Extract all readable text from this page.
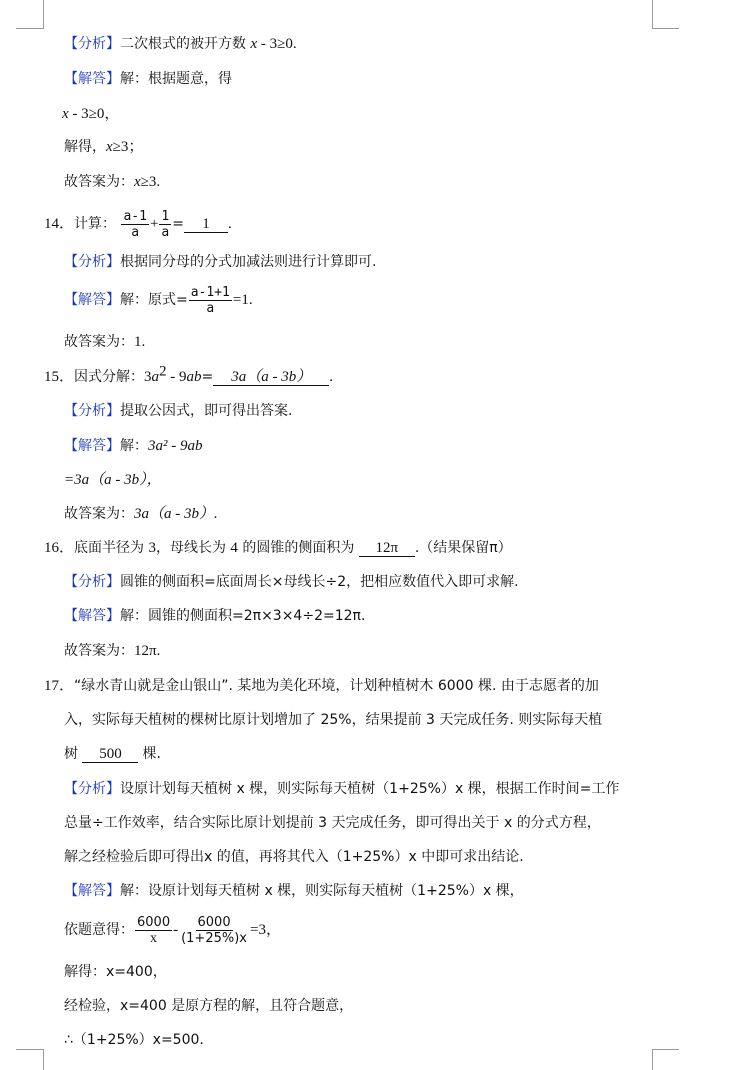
【分析】二次根式的被开方数 x - 3≥0.
【解答】解：根据题意，得
x - 3≥0，
解得，x≥3；
故答案为：x≥3.
14．计算： $\frac{a-1}{a} + \frac{1}{a} = 1$ .
【分析】根据同分母的分式加减法则进行计算即可.
【解答】解：原式= $\frac{a-1+1}{a} =1$.
故答案为：1.
15．因式分解：$3a^2 - 9ab= 3a(a - 3b)$ .
【分析】提取公因式，即可得出答案.
【解答】解：3a² - 9ab
=3a（a - 3b），
故答案为：3a（a - 3b）.
16．底面半径为 3，母线长为 4 的圆锥的侧面积为 12π .（结果保留π）
【分析】圆锥的侧面积=底面周长×母线长÷2，把相应数值代入即可求解.
【解答】解：圆锥的侧面积=2π×3×4÷2=12π.
故答案为：12π.
17．“绿水青山就是金山银山”. 某地为美化环境，计划种植树木 6000 棵. 由于志愿者的加
入，实际每天植树的棵树比原计划增加了 25%，结果提前 3 天完成任务. 则实际每天植
树 500 棵.
【分析】设原计划每天植树 x 棵，则实际每天植树（1+25%）x 棵，根据工作时间=工作
总量÷工作效率，结合实际比原计划提前 3 天完成任务，即可得出关于 x 的分式方程，
解之经检验后即可得出x 的值，再将其代入（1+25%）x 中即可求出结论.
【解答】解：设原计划每天植树 x 棵，则实际每天植树（1+25%）x 棵，
依题意得： $\frac{6000}{x} - \frac{6000}{(1+25\%)x} =3$，
解得：x=400，
经检验，x=400 是原方程的解，且符合题意，
∴（1+25%）x=500.
